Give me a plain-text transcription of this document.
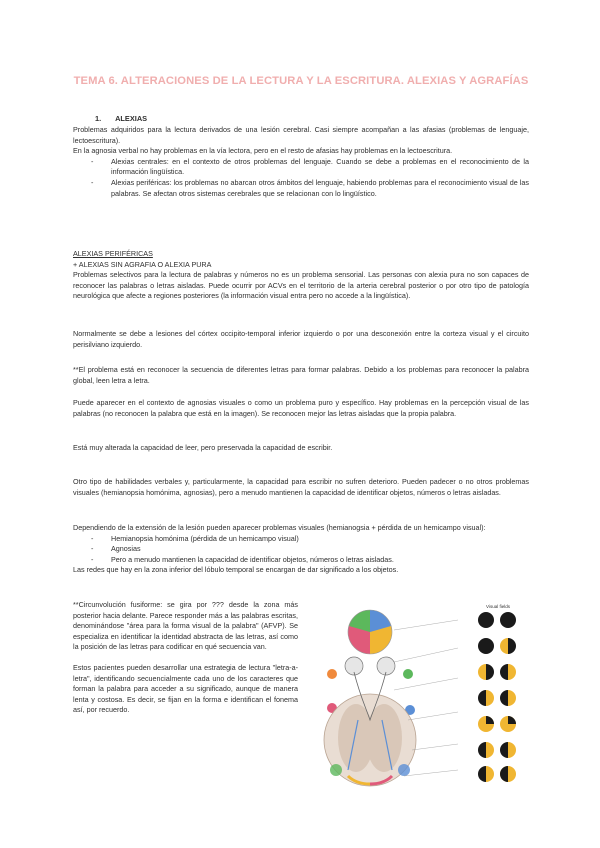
TEMA 6. ALTERACIONES DE LA LECTURA Y LA ESCRITURA. ALEXIAS Y AGRAFÍAS
1. ALEXIAS

Problemas adquiridos para la lectura derivados de una lesión cerebral. Casi siempre acompañan a las afasias (problemas de lenguaje, lectoescritura).

En la agnosia verbal no hay problemas en la vía lectora, pero en el resto de afasias hay problemas en la lectoescritura.

- Alexias centrales: en el contexto de otros problemas del lenguaje. Cuando se debe a problemas en el reconocimiento de la información lingüística.
- Alexias periféricas: los problemas no abarcan otros ámbitos del lenguaje, habiendo problemas para el reconocimiento visual de las palabras. Se afectan otros sistemas cerebrales que se relacionan con lo lingüístico.

ALEXIAS PERIFÉRICAS

+ ALEXIAS SIN AGRAFIA O ALEXIA PURA

Problemas selectivos para la lectura de palabras y números no es un problema sensorial. Las personas con alexia pura no son capaces de reconocer las palabras o letras aisladas. Puede ocurrir por ACVs en el territorio de la arteria cerebral posterior o por otro tipo de patología neurológica que afecte a regiones posteriores (la información visual entra pero no accede a la lingüística).

Normalmente se debe a lesiones del córtex occipito-temporal inferior izquierdo o por una desconexión entre la corteza visual y el circuito perisilviano izquierdo.

**El problema está en reconocer la secuencia de diferentes letras para formar palabras. Debido a los problemas para reconocer la palabra global, leen letra a letra.

Puede aparecer en el contexto de agnosias visuales o como un problema puro y específico. Hay problemas en la percepción visual de las palabras (no reconocen la palabra que está en la imagen). Se reconocen mejor las letras aisladas que la propia palabra.

Está muy alterada la capacidad de leer, pero preservada la capacidad de escribir.

Otro tipo de habilidades verbales y, particularmente, la capacidad para escribir no sufren deterioro. Pueden padecer o no otros problemas visuales (hemianopsia homónima, agnosias), pero a menudo mantienen la capacidad de identificar objetos, números o letras aisladas.

Dependiendo de la extensión de la lesión pueden aparecer problemas visuales (hemianogsia + pérdida de un hemicampo visual):

- Hemianopsia homónima (pérdida de un hemicampo visual)
- Agnosias
- Pero a menudo mantienen la capacidad de identificar objetos, números o letras aisladas.

Las redes que hay en la zona inferior del lóbulo temporal se encargan de dar significado a los objetos.

**Circunvolución fusiforme: se gira por ??? desde la zona más posterior hacia delante. Parece responder más a las palabras escritas, denominándose "área para la forma visual de la palabra" (AFVP). Se especializa en identificar la identidad abstracta de las letras, así como la posición de las letras para codificar en qué secuencia van.

Estos pacientes pueden desarrollar una estrategia de lectura "letra-a-letra", identificando secuencialmente cada uno de los caracteres que forman la palabra para acceder a su significado, aunque de manera lenta y costosa. Es decir, se fijan en la forma e identifican el fonema así, por recuerdo.

Visual fields
